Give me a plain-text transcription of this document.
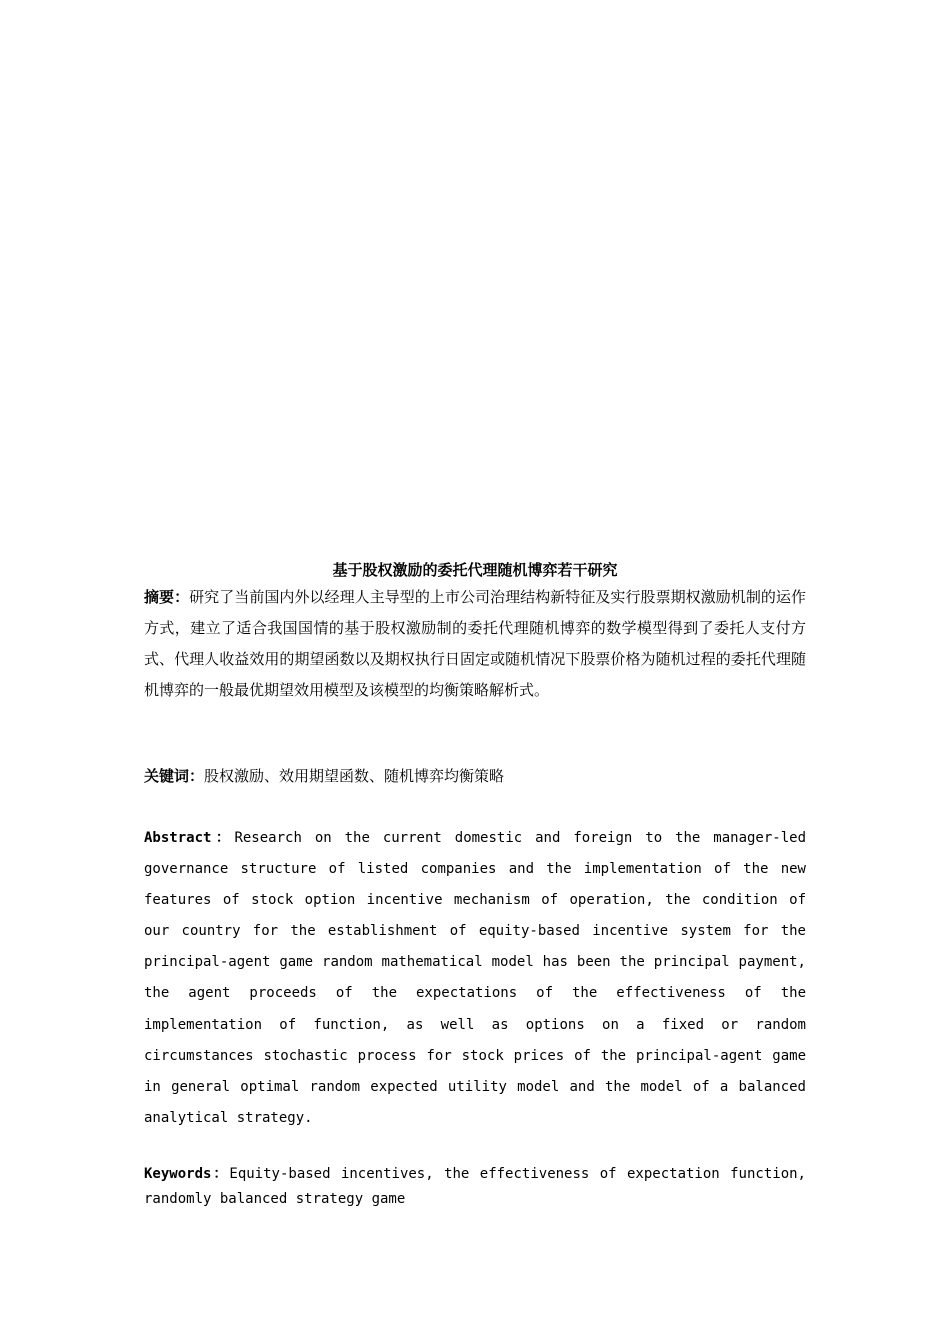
基于股权激励的委托代理随机博弈若干研究

摘要：研究了当前国内外以经理人主导型的上市公司治理结构新特征及实行股票期权激励机制的运作方式，建立了适合我国国情的基于股权激励制的委托代理随机博弈的数学模型得到了委托人支付方式、代理人收益效用的期望函数以及期权执行日固定或随机情况下股票价格为随机过程的委托代理随机博弈的一般最优期望效用模型及该模型的均衡策略解析式。

关键词：股权激励、效用期望函数、随机博弈均衡策略

Abstract：Research on the current domestic and foreign to the manager-led governance structure of listed companies and the implementation of the new features of stock option incentive mechanism of operation, the condition of our country for the establishment of equity-based incentive system for the principal-agent game random mathematical model has been the principal payment, the agent proceeds of the expectations of the effectiveness of the implementation of function, as well as options on a fixed or random circumstances stochastic process for stock prices of the principal-agent game in general optimal random expected utility model and the model of a balanced analytical strategy.

Keywords：Equity-based incentives, the effectiveness of expectation function, randomly balanced strategy game
